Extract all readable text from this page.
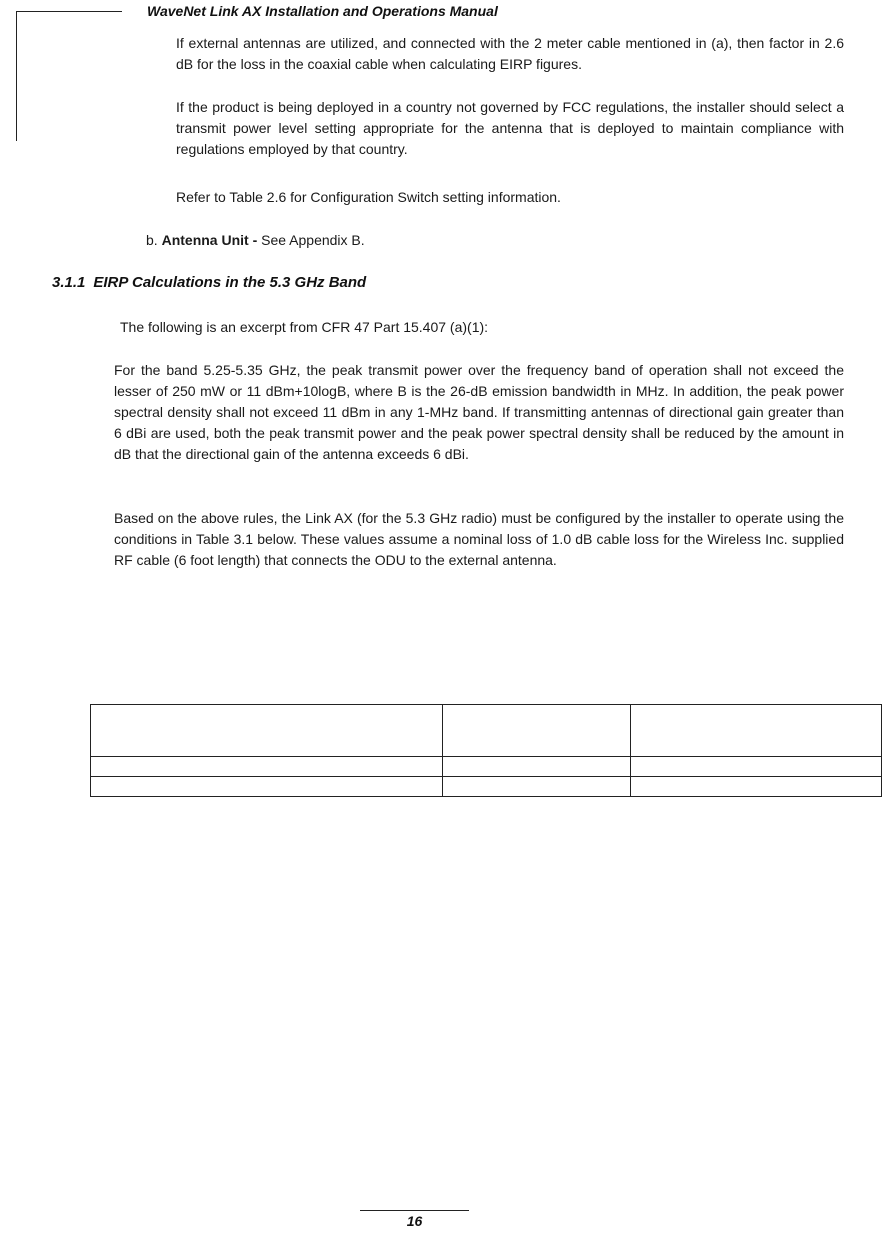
WaveNet Link AX Installation and Operations Manual

If external antennas are utilized, and connected with the 2 meter cable mentioned in (a), then factor in 2.6 dB for the loss in the coaxial cable when calculating EIRP figures.

If the product is being deployed in a country not governed by FCC regulations, the installer should select a transmit power level setting appropriate for the antenna that is deployed to maintain compliance with regulations employed by that country.

Refer to Table 2.6 for Configuration Switch setting information.

b. Antenna Unit - See Appendix B.
3.1.1 EIRP Calculations in the 5.3 GHz Band

The following is an excerpt from CFR 47 Part 15.407 (a)(1):

For the band 5.25-5.35 GHz, the peak transmit power over the frequency band of operation shall not exceed the lesser of 250 mW or 11 dBm+10logB, where B is the 26-dB emission bandwidth in MHz. In addition, the peak power spectral density shall not exceed 11 dBm in any 1-MHz band. If transmitting antennas of directional gain greater than 6 dBi are used, both the peak transmit power and the peak power spectral density shall be reduced by the amount in dB that the directional gain of the antenna exceeds 6 dBi.

Based on the above rules, the Link AX (for the 5.3 GHz radio) must be configured by the installer to operate using the conditions in Table 3.1 below. These values assume a nominal loss of 1.0 dB cable loss for the Wireless Inc. supplied RF cable (6 foot length) that connects the ODU to the external antenna.

16
